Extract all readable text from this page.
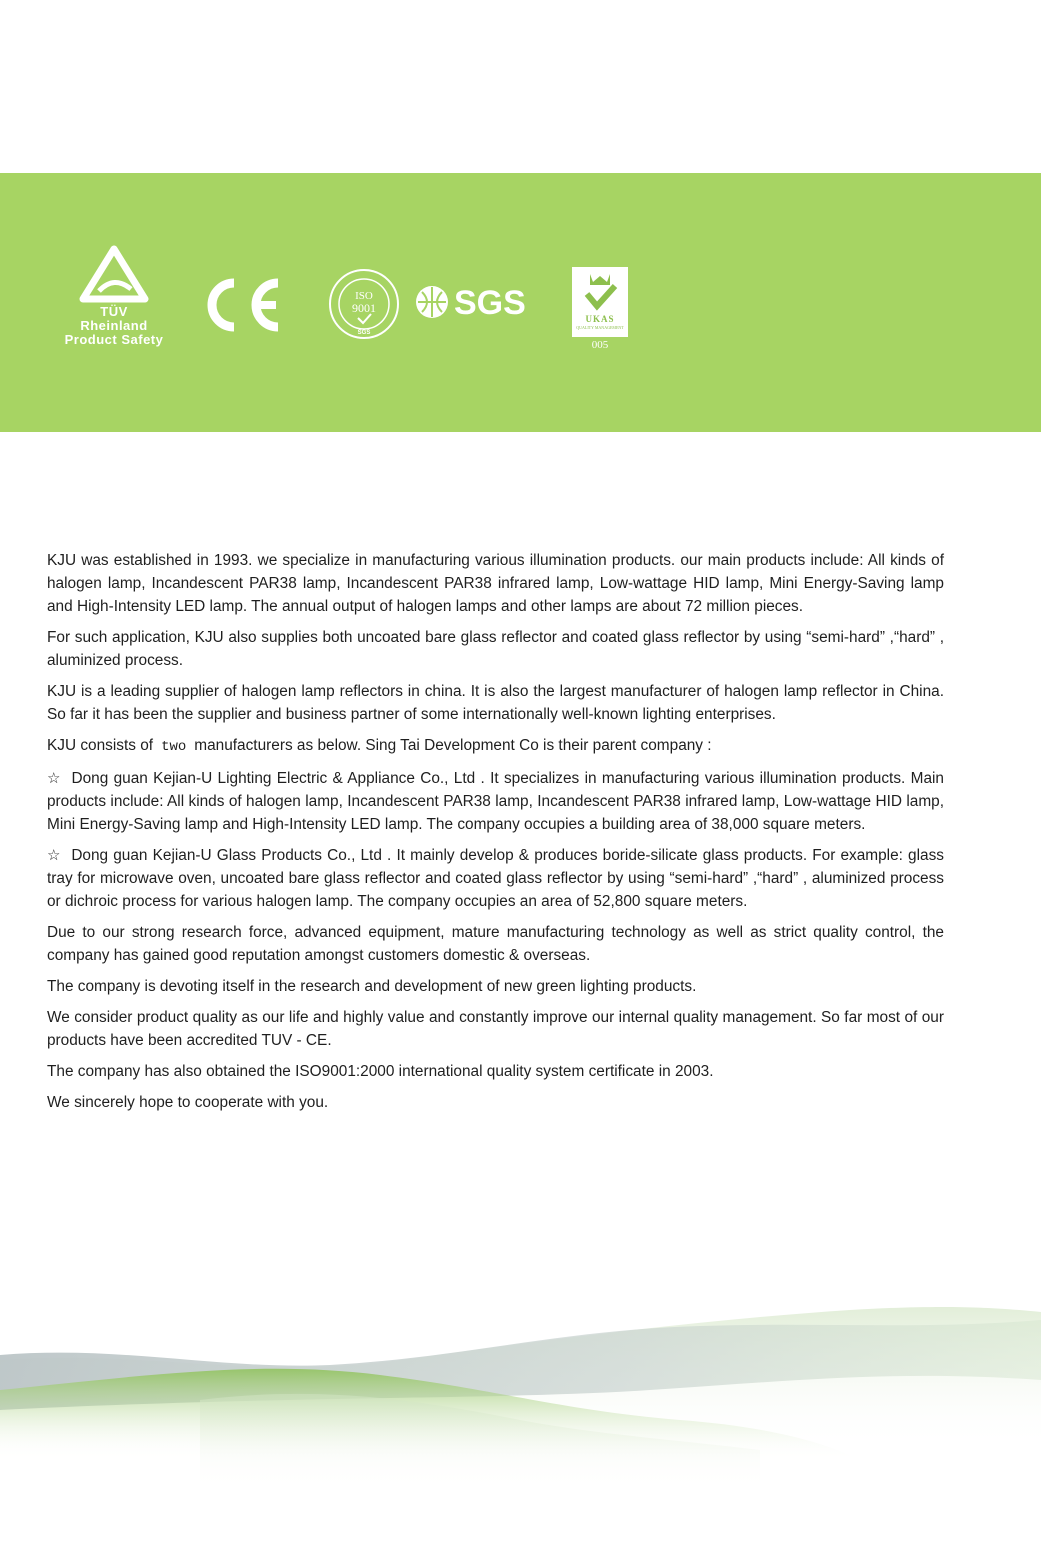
TÜV
Rheinland
Product Safety
ISO
9001
SGS
SGS	UKAS
QUALITY MANAGEMENT
005

KJU was established in 1993. we specialize in manufacturing various illumination products. our main products include: All kinds of halogen lamp, Incandescent PAR38 lamp, Incandescent PAR38 infrared lamp, Low-wattage HID lamp, Mini Energy-Saving lamp and High-Intensity LED lamp. The annual output of halogen lamps and other lamps are about 72 million pieces.

For such application, KJU also supplies both uncoated bare glass reflector and coated glass reflector by using “semi-hard” ,“hard” , aluminized process.

KJU is a leading supplier of halogen lamp reflectors in china. It is also the largest manufacturer of halogen lamp reflector in China. So far it has been the supplier and business partner of some internationally well-known lighting enterprises.

KJU consists of two manufacturers as below. Sing Tai Development Co is their parent company :

☆ Dong guan Kejian-U Lighting Electric & Appliance Co., Ltd . It specializes in manufacturing various illumination products. Main products include: All kinds of halogen lamp, Incandescent PAR38 lamp, Incandescent PAR38 infrared lamp, Low-wattage HID lamp, Mini Energy-Saving lamp and High-Intensity LED lamp. The company occupies a building area of 38,000 square meters.

☆ Dong guan Kejian-U Glass Products Co., Ltd . It mainly develop & produces boride-silicate glass products. For example: glass tray for microwave oven, uncoated bare glass reflector and coated glass reflector by using “semi-hard” ,“hard” , aluminized process or dichroic process for various halogen lamp. The company occupies an area of 52,800 square meters.

Due to our strong research force, advanced equipment, mature manufacturing technology as well as strict quality control, the company has gained good reputation amongst customers domestic & overseas.

The company is devoting itself in the research and development of new green lighting products.

We consider product quality as our life and highly value and constantly improve our internal quality management. So far most of our products have been accredited TUV - CE.

The company has also obtained the ISO9001:2000 international quality system certificate in 2003.

We sincerely hope to cooperate with you.
